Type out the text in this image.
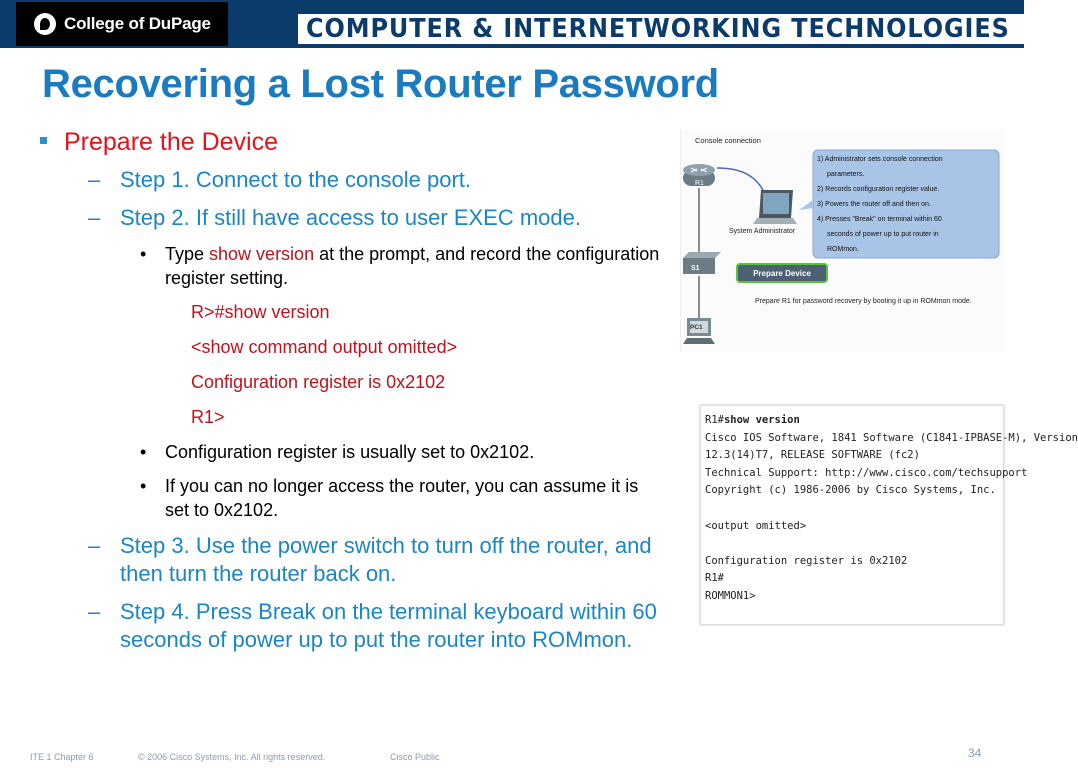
College of DuPage	COMPUTER & INTERNETWORKING TECHNOLOGIES
Recovering a Lost Router Password
Prepare the Device
– Step 1. Connect to the console port.
– Step 2. If still have access to user EXEC mode.
• Type show version at the prompt, and record the configuration register setting.
R>#show version
<show command output omitted>
Configuration register is 0x2102
R1>
• Configuration register is usually set to 0x2102.
• If you can no longer access the router, you can assume it is set to 0x2102.
– Step 3. Use the power switch to turn off the router, and then turn the router back on.
– Step 4. Press Break on the terminal keyboard within 60 seconds of power up to put the router into ROMmon.
Console connection
R1
System Administrator
S1
PC1
1) Administrator sets console connection parameters. 2) Records configuration register value. 3) Powers the router off and then on. 4) Presses "Break" on terminal within 60 seconds of power up to put router in ROMmon.
Prepare Device
Prepare R1 for password recovery by booting it up in ROMmon mode.
R1#show version
Cisco IOS Software, 1841 Software (C1841-IPBASE-M), Version
12.3(14)T7, RELEASE SOFTWARE (fc2)
Technical Support: http://www.cisco.com/techsupport
Copyright (c) 1986-2006 by Cisco Systems, Inc.
<output omitted>
Configuration register is 0x2102
R1#
ROMMON1>
ITE 1 Chapter 6	© 2006 Cisco Systems, Inc. All rights reserved.	Cisco Public	34
